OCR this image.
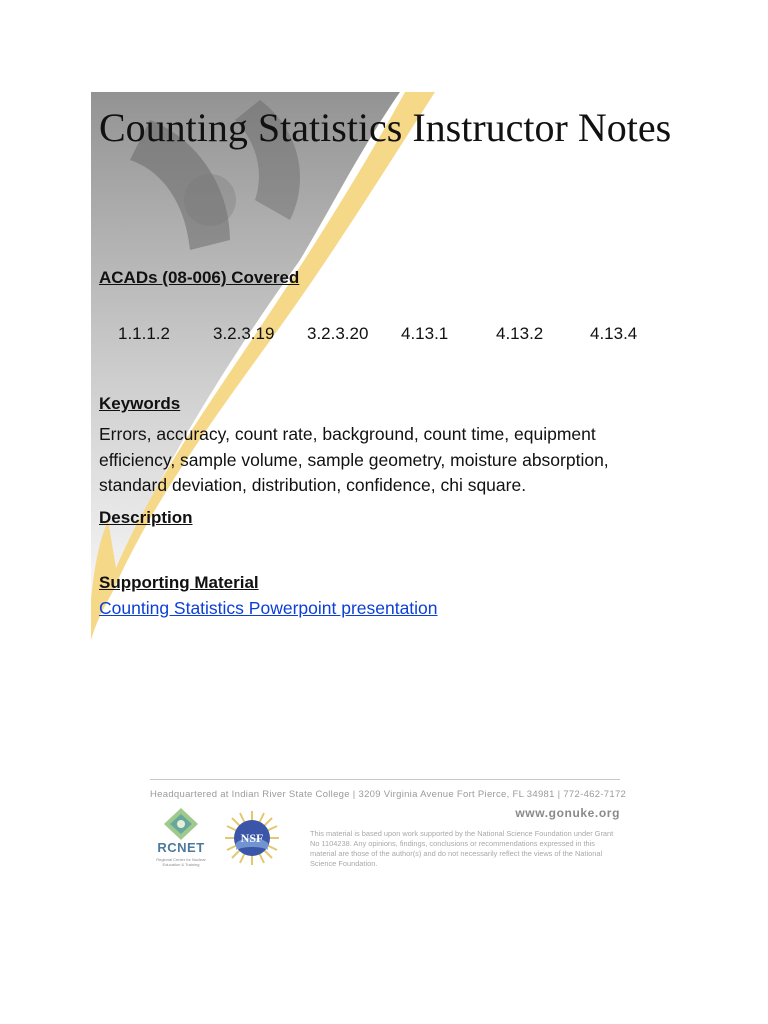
Counting Statistics Instructor Notes
ACADs (08-006) Covered
1.1.1.2	3.2.3.19 3.2.3.20 4.13.1	4.13.2	4.13.4
Keywords
Errors, accuracy, count rate, background, count time, equipment efficiency, sample volume, sample geometry, moisture absorption, standard deviation, distribution, confidence, chi square.
Description
Supporting Material
Counting Statistics Powerpoint presentation
Headquartered at Indian River State College | 3209 Virginia Avenue Fort Pierce, FL 34981 | 772-462-7172
www.gonuke.org
This material is based upon work supported by the National Science Foundation under Grant No 1104238. Any opinions, findings, conclusions or recommendations expressed in this material are those of the author(s) and do not necessarily reflect the views of the National Science Foundation.
RCNET
Regional Center for Nuclear Education & Training
NSF
